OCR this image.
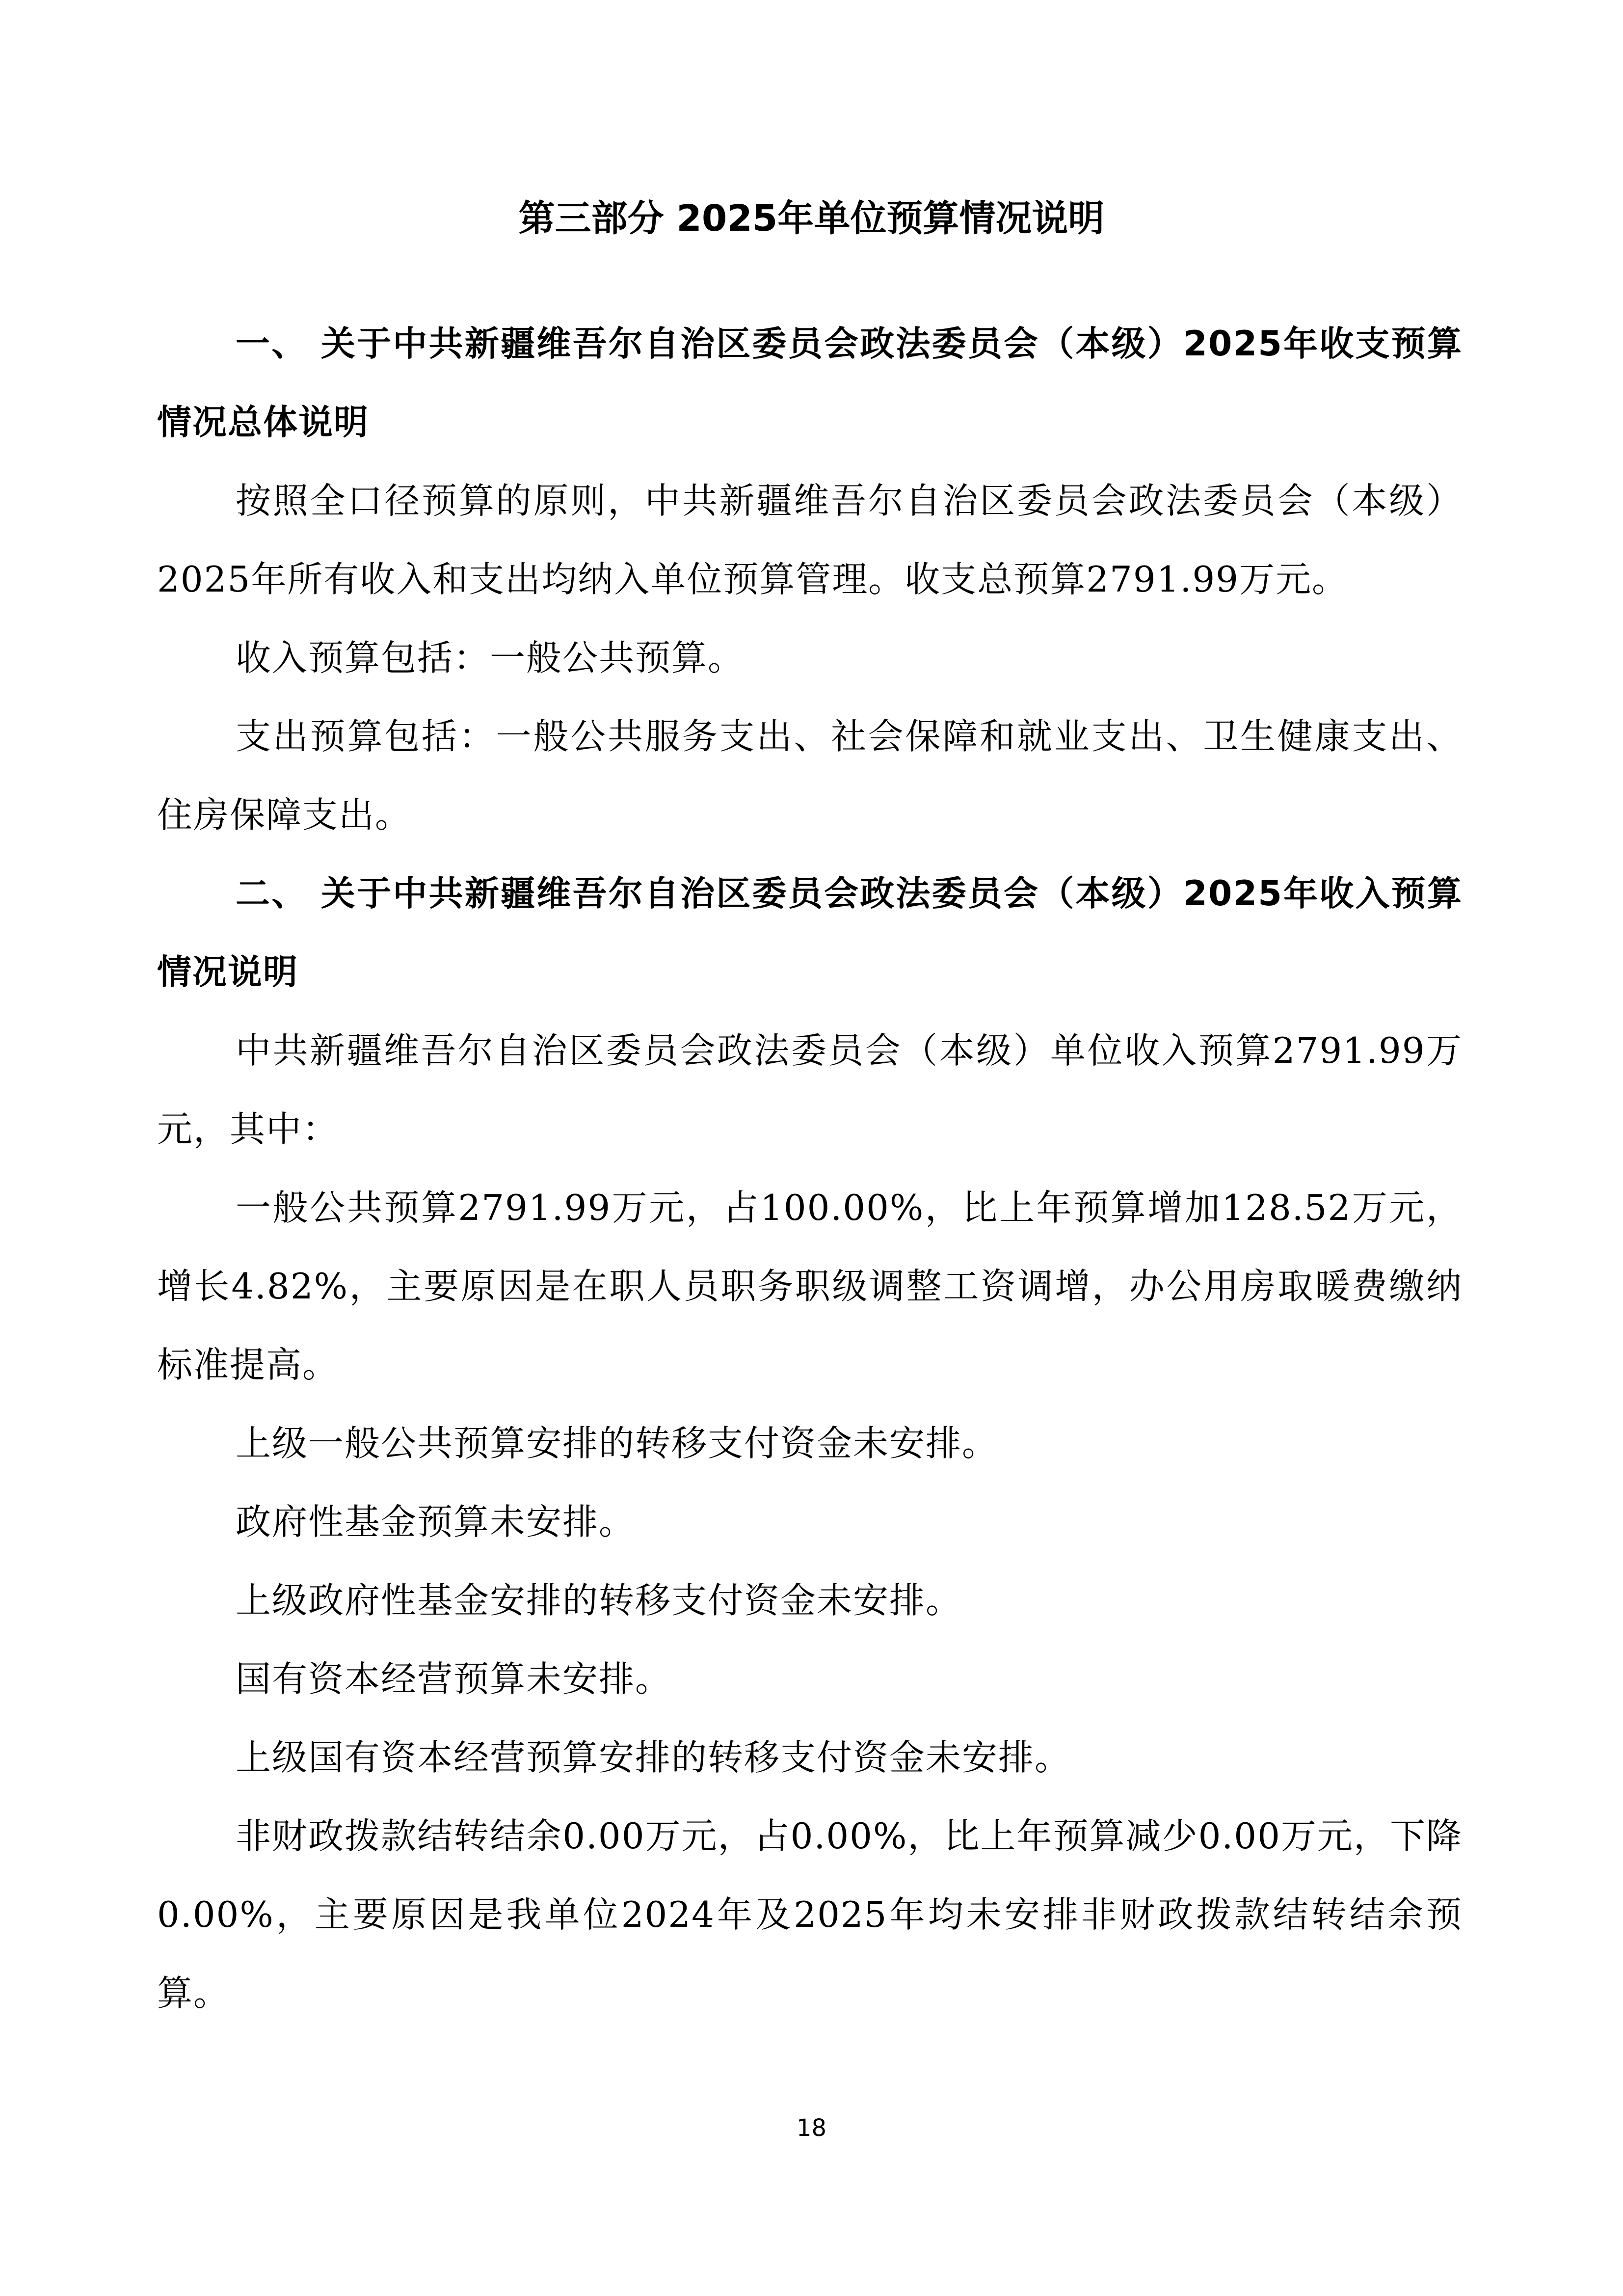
第三部分 2025年单位预算情况说明

一、 关于中共新疆维吾尔自治区委员会政法委员会（本级）2025年收支预算情况总体说明

按照全口径预算的原则，中共新疆维吾尔自治区委员会政法委员会（本级）2025年所有收入和支出均纳入单位预算管理。收支总预算2791.99万元。

收入预算包括：一般公共预算。

支出预算包括：一般公共服务支出、社会保障和就业支出、卫生健康支出、住房保障支出。

二、 关于中共新疆维吾尔自治区委员会政法委员会（本级）2025年收入预算情况说明

中共新疆维吾尔自治区委员会政法委员会（本级）单位收入预算2791.99万元，其中：

一般公共预算2791.99万元，占100.00%，比上年预算增加128.52万元，增长4.82%，主要原因是在职人员职务职级调整工资调增，办公用房取暖费缴纳标准提高。

上级一般公共预算安排的转移支付资金未安排。

政府性基金预算未安排。

上级政府性基金安排的转移支付资金未安排。

国有资本经营预算未安排。

上级国有资本经营预算安排的转移支付资金未安排。

非财政拨款结转结余0.00万元，占0.00%，比上年预算减少0.00万元，下降0.00%，主要原因是我单位2024年及2025年均未安排非财政拨款结转结余预算。

18
